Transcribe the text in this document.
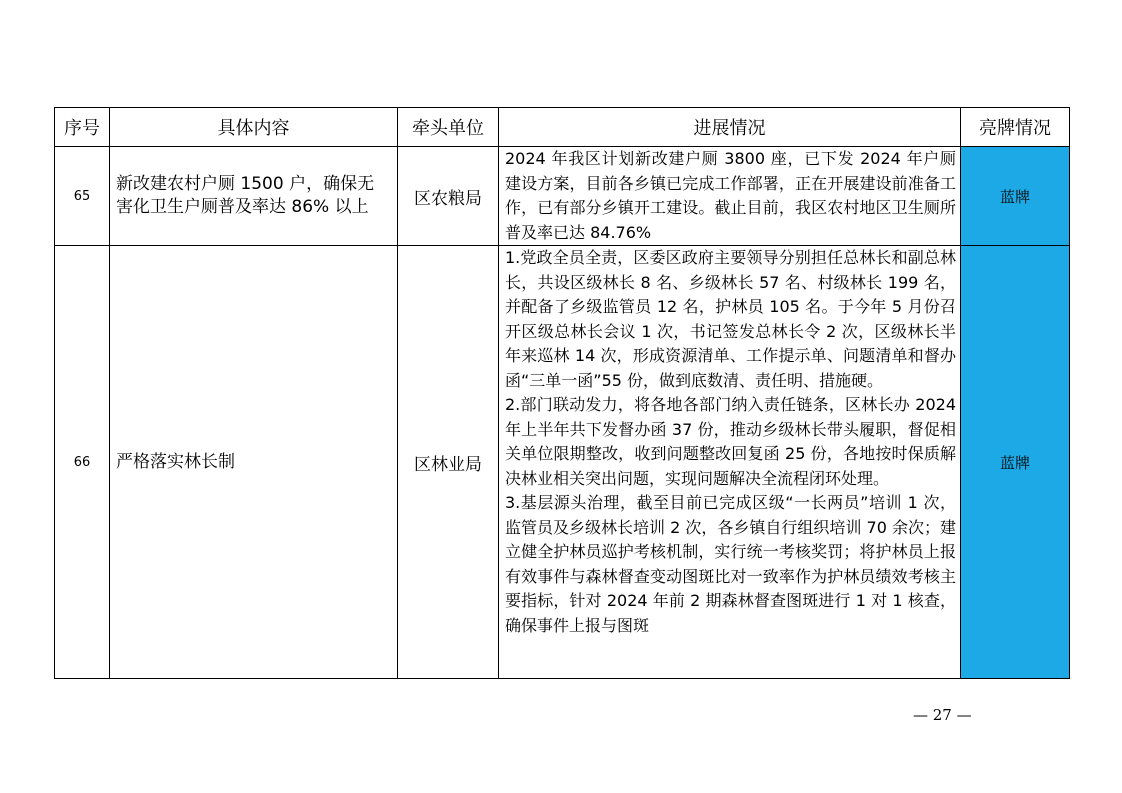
序号	具体内容	牵头单位	进展情况	亮牌情况
65	新改建农村户厕 1500 户，确保无害化卫生户厕普及率达 86% 以上	区农粮局	2024 年我区计划新改建户厕 3800 座，已下发 2024 年户厕建设方案，目前各乡镇已完成工作部署，正在开展建设前准备工作，已有部分乡镇开工建设。截止目前，我区农村地区卫生厕所普及率已达 84.76%	蓝牌
66	严格落实林长制	区林业局	1.党政全员全责，区委区政府主要领导分别担任总林长和副总林长，共设区级林长 8 名、乡级林长 57 名、村级林长 199 名，并配备了乡级监管员 12 名，护林员 105 名。于今年 5 月份召开区级总林长会议 1 次，书记签发总林长令 2 次，区级林长半年来巡林 14 次，形成资源清单、工作提示单、问题清单和督办函“三单一函”55 份，做到底数清、责任明、措施硬。

2.部门联动发力，将各地各部门纳入责任链条，区林长办 2024 年上半年共下发督办函 37 份，推动乡级林长带头履职，督促相关单位限期整改，收到问题整改回复函 25 份，各地按时保质解决林业相关突出问题，实现问题解决全流程闭环处理。

3.基层源头治理，截至目前已完成区级“一长两员”培训 1 次，监管员及乡级林长培训 2 次，各乡镇自行组织培训 70 余次；建立健全护林员巡护考核机制，实行统一考核奖罚；将护林员上报有效事件与森林督查变动图斑比对一致率作为护林员绩效考核主要指标，针对 2024 年前 2 期森林督查图斑进行 1 对 1 核查，确保事件上报与图斑	蓝牌
— 27 —
